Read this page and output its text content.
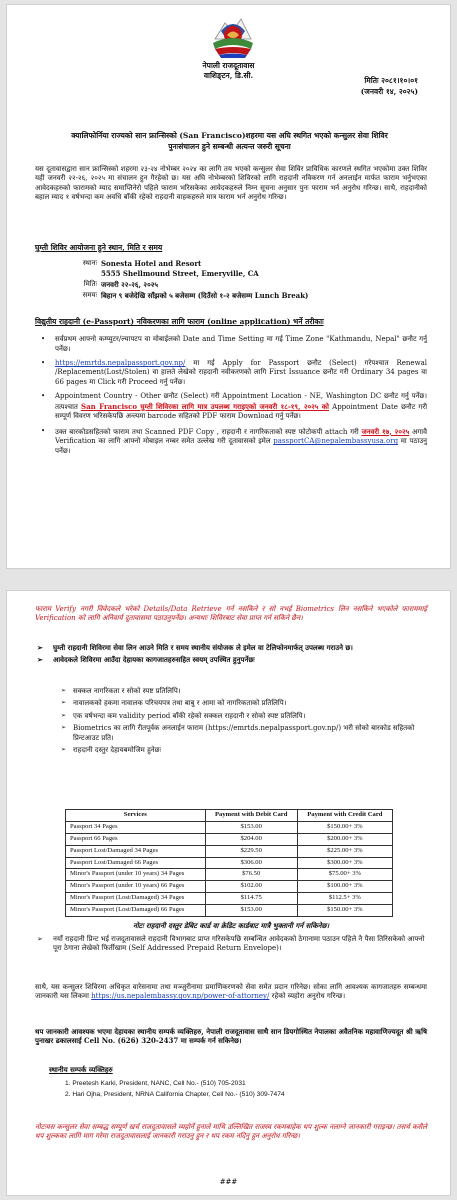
नेपाली राजदूतावास
वाशिङ्टन, डि.सी.
मितिः २०८१।१०।०१
(जनवरी १४, २०२५)
क्यालिफोर्निया राज्यको सान फ्रान्सिस्को (San Francisco)शहरमा यस अघि स्थगित भएको कन्सुलर सेवा शिविर
पुनःसंचालन हुने सम्बन्धी अत्यन्त जरुरी सूचना
यस दूतावासद्वारा सान फ्रान्सिस्को शहरमा २३-२४ नोभेम्बर २०२४ का लागि तय भएको कन्सुलर सेवा शिविर प्राविधिक कारणले स्थगित भएकोमा उक्त शिविर यही जनवरी २२-२६, २०२५ मा संचालन हुन गैरहेको छ। यस अघि नोभेम्बरको शिविरको लागि राहदानी नविकरण गर्न अनलाईन मार्फत फाराम भर्नुभएका आवेदकहरुको फारामको म्याद समाप्तिनेरो पहिले फाराम भरिसकेका आवेदकहरुले निम्न सूचना अनुसार पुनः फाराम भर्न अनुरोध गरिन्छ। साथै, राहदानीको बहाल म्याद १ वर्षभन्दा कम अवधि बाँकी रहेको राहदानी वाहकहरुले मात्र फाराम भर्न अनुरोध गरिन्छ।
घुम्ती शिविर आयोजना हुने स्थान, मिति र समय
स्थानः Sonesta Hotel and Resort
5555 Shellmound Street, Emeryville, CA
मितिः जनवरी २२-२६, २०२५
समयः बिहान ९ बजेदेखि साँझको ५ बजेसम्म (दिउँसो १-२ बजेसम्म Lunch Break)
विद्युतीय राहदानी (e-Passport) नविकरणका लागि फाराम (online application) भर्ने तरीकाः
• सर्वप्रथम आफ्नो कम्प्युटर/ल्यापटप वा मोबाईलको Date and Time Setting मा गई Time Zone "Kathmandu, Nepal" छनौट गर्नु पर्नेछ।
• https://emrtds.nepalpassport.gov.np/ मा गई Apply for Passport छनौट (Select) गरेपश्चात Renewal /Replacement(Lost/Stolen) वा हालते लेखेको राहदानी नवीकरणको लागि First Issuance छनौट गरी Ordinary 34 pages वा 66 pages मा Click गरी Proceed गर्नु पर्नेछ।
• Appointment Country - Other छनौट (Select) गरी Appointment Location - NE, Washington DC छनौट गर्नु पर्नेछ।तत्पश्चात San Francisco घुम्ती शिविरका लागि मात्र उपलब्ध गराइएको जनवरी १८-१९, २०२५ को Appointment Date छनौट गरी सम्पूर्ण विवरण भरिसकेपछि अन्त्यमा barcode सहितको PDF फाराम Download गर्नु पर्नेछ।
• उक्त बारकोडसहितको फाराम तथा Scanned PDF Copy , राहदानी र नागरिकताको स्पष्ट फोटोकपी attach गरी जनवरी १७, २०२५ अगावै Verification का लागि आफ्नो मोबाइल नम्बर समेत उल्लेख गरी दूतावासको इमेल passportCA@nepalembassyusa.org मा पठाउनु पर्नेछ।
फाराम Verify नगरी विवेदकले भरेको Details/Data Retrieve गर्न नसकिने र सो नभई Biometrics लिन नसकिने भएकोले फाराममाई Verification को लागि अनिवार्य दूतावासमा पठाउनुपर्नेछ। अन्यथाः शिविरबाट सेवा प्राप्त गर्न सकिने छैन।
➢ घुम्ती राहदानी शिविरमा सेवा लिन आउने मिति र समय स्थानीय संयोजक ले इमेल वा टेलिफोनमार्फत् उपलब्ध गराउने छ।
➢ आवेदकले शिविरमा आउँदा देहायका कागजातहरुसहित स्वयम् उपस्थित हुनुपर्नेछः
➢ सक्कल नागरिकता र सोको स्पष्ट प्रतिलिपि।
➢ नावालकको हकमा नावालक परिचयपत्र तथा बाबु र आमा को नागरिकताको प्रतिलिपि।
➢ एक वर्षभन्दा कम validity period बाँकी रहेको सक्कल राहदानी र सोको स्पष्ट प्रतिलिपि।
➢ Biometrics का लागि रीतपूर्वक अनलाईन फाराम (https://emrtds.nepalpassport.gov.np/) भरी सोको बारकोड सहितको प्रिन्टआउट प्रति।
➢ राहदानी दस्तुर देहायबमोजिम हुनेछः
Services	Payment with Debit Card	Payment with Credit Card
Passport 34 Pages	$153.00	$150.00+ 3%
Passport 66 Pages	$204.00	$200.00+ 3%
Passport Lost/Damaged 34 Pages	$229.50	$225.00+ 3%
Passport Lost/Damaged 66 Pages	$306.00	$300.00+ 3%
Minor's Passport (under 10 years) 34 Pages	$76.50	$75.00+ 3%
Minor's Passport (under 10 years) 66 Pages	$102.00	$100.00+ 3%
Minor's Passport (Lost/Damaged) 34 Pages	$114.75	$112.5+ 3%
Minor's Passport (Lost/Damaged) 66 Pages	$153.00	$150.00+ 3%
नोटः राहदानी दस्तुर डेबिट कार्ड वा क्रेडिट कार्डबाट मात्रै भुक्तानी गर्न सकिनेछ।
➢ नयाँ राहदानी प्रिन्ट भई राजदूतावासले राहदानी विभागबाट प्राप्त गरिसकेपछि सम्बन्धित आवेदकको ठेगानामा पठाउन पहिले नै पैसा तिरिसकेको आफ्नो पूरा ठेगाना लेखेको फिर्तीखाम (Self Addressed Prepaid Return Envelope)।
साथै, यस कन्सुलर शिविरमा अधिकृत वारेसनामा तथा मञ्जुरीनामा प्रमाणिकरणको सेवा समेत प्रदान गरिनेछ। सोका लागि आवश्यक कागजातहरु सम्बन्धमा जानकारी यस लिंकमा https://us.nepalembassy.gov.np/power-of-attorney/ रहेको व्यहोरा अनुरोध गरिन्छ।
थप जानकारी आवश्यक भएमा देहायका स्थानीय सम्पर्क व्यक्तिहरु, नेपाली राजदूतावास साथै सान डियगोस्थित नेपालका अवैतनिक महावाणिज्यदूत श्री ऋषि पुनाखर ढकालसाई Cell No. (626) 320-2437 मा सम्पर्क गर्न सकिनेछ।
स्थानीय सम्पर्क व्यक्तिहरु
1. Preetesh Karki, President, NANC, Cell No.- (510) 705-2031
2. Hari Ojha, President, NRNA California Chapter, Cell No.- (510) 309-7474
नोटःयस कन्सुलर सेवा सम्बद्ध सम्पूर्ण खर्च राजदूतावासले व्यहोर्ने हुनाले माथि उल्लिखित राजस्व रकमबाहेक थप शुल्क नलाग्ने जानकारी गराइन्छ। तसर्थ कसैले थप शुल्कका लागि माग गरेमा राजदूतावासलाई जानकारी गराउनु हुन र थप रकम नदिनु हुन अनुरोध गरिन्छ।
###
